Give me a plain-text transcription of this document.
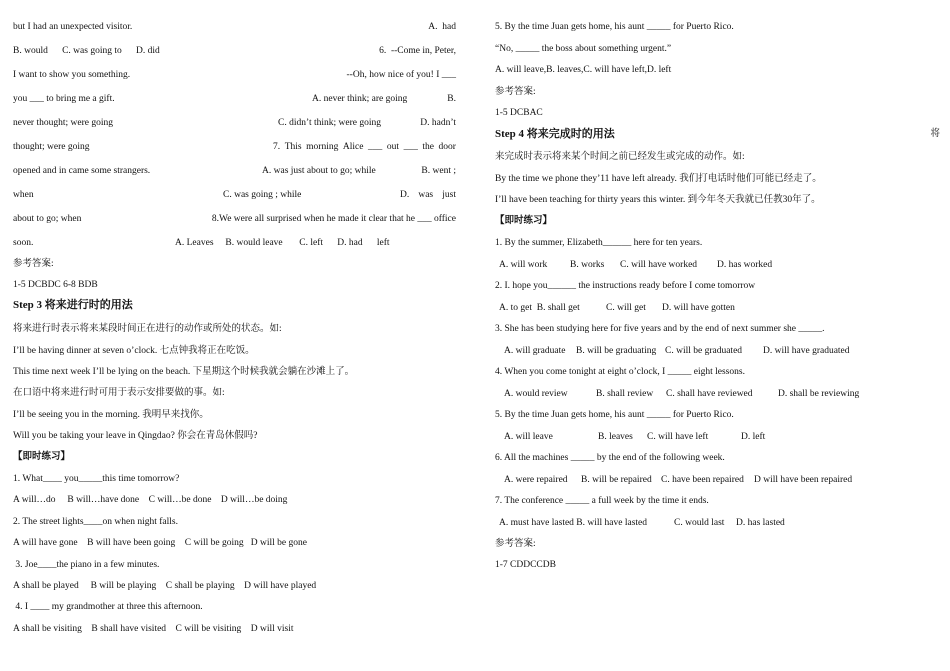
but I had an unexpected visitor.	A.  had
B. would      C. was going to      D. did	6.  --Come in, Peter,
I want to show you something.	--Oh, how nice of you! I ___
you ___ to bring me a gift.	A. never think; are going	B.
never thought; were going	C. didn’t think; were going	D. hadn’t
thought; were going	7. This morning Alice ___ out ___ the door
opened and in came some strangers.	A. was just about to go; while	B. went ;
when	C. was going ; while	D. was just
about to go; when	8.We were all surprised when he made it clear that he ___ office
soon.	A. Leaves     B. would leave       C. left      D. had      left
参考答案:
1-5 DCBDC 6-8 BDB
Step 3 将来进行时的用法
将来进行时表示将来某段时间正在进行的动作或所处的状态。如:
I’ll be having dinner at seven o’clock. 七点钟我将正在吃饭。
This time next week I’ll be lying on the beach. 下星期这个时候我就会躺在沙滩上了。
在口语中将来进行时可用于表示安排要做的事。如:
I’ll be seeing you in the morning. 我明早来找你。
Will you be taking your leave in Qingdao? 你会在青岛休假吗?
【即时练习】
1. What____ you_____this time tomorrow?
A will…do     B will…have done    C will…be done    D will…be doing
2. The street lights____on when night falls.
A will have gone    B will have been going    C will be going   D will be gone
3. Joe____the piano in a few minutes.
A shall be played     B will be playing    C shall be playing    D will have played
4. I ____ my grandmother at three this afternoon.
A shall be visiting    B shall have visited    C will be visiting    D will visit
5. By the time Juan gets home, his aunt _____ for Puerto Rico.
“No, _____ the boss about something urgent.”
A. will leave,B. leaves,C. will have left,D. left
参考答案:
1-5 DCBAC
Step 4 将来完成时的用法	将
来完成时表示将来某个时间之前已经发生或完成的动作。如:
By the time we phone they’11 have left already. 我们打电话时他们可能已经走了。
I’ll have been teaching for thirty years this winter. 到今年冬天我就已任教30年了。
【即时练习】
1. By the summer, Elizabeth______ here for ten years.
A. will work B. works C. will have worked D. has worked
2. I. hope you______ the instructions ready before I come tomorrow
A. to get  B. shall get	C. will get D. will have gotten
3. She has been studying here for five years and by the end of next summer she _____.
A. will graduate B. will be graduating C. will be graduated D. will have graduated
4. When you come tonight at eight o’clock, I _____ eight lessons.
A. would review	B. shall review C. shall have reviewed	D. shall be reviewing
5. By the time Juan gets home, his aunt _____ for Puerto Rico.
A. will leave	B. leaves C. will have left	D. left
6. All the machines _____ by the end of the following week.
A. were repaired B. will be repaired C. have been repaired D will have been repaired
7. The conference _____ a full week by the time it ends.
A. must have lasted B. will have lasted	C. would last D. has lasted
参考答案:
1-7 CDDCCDB
